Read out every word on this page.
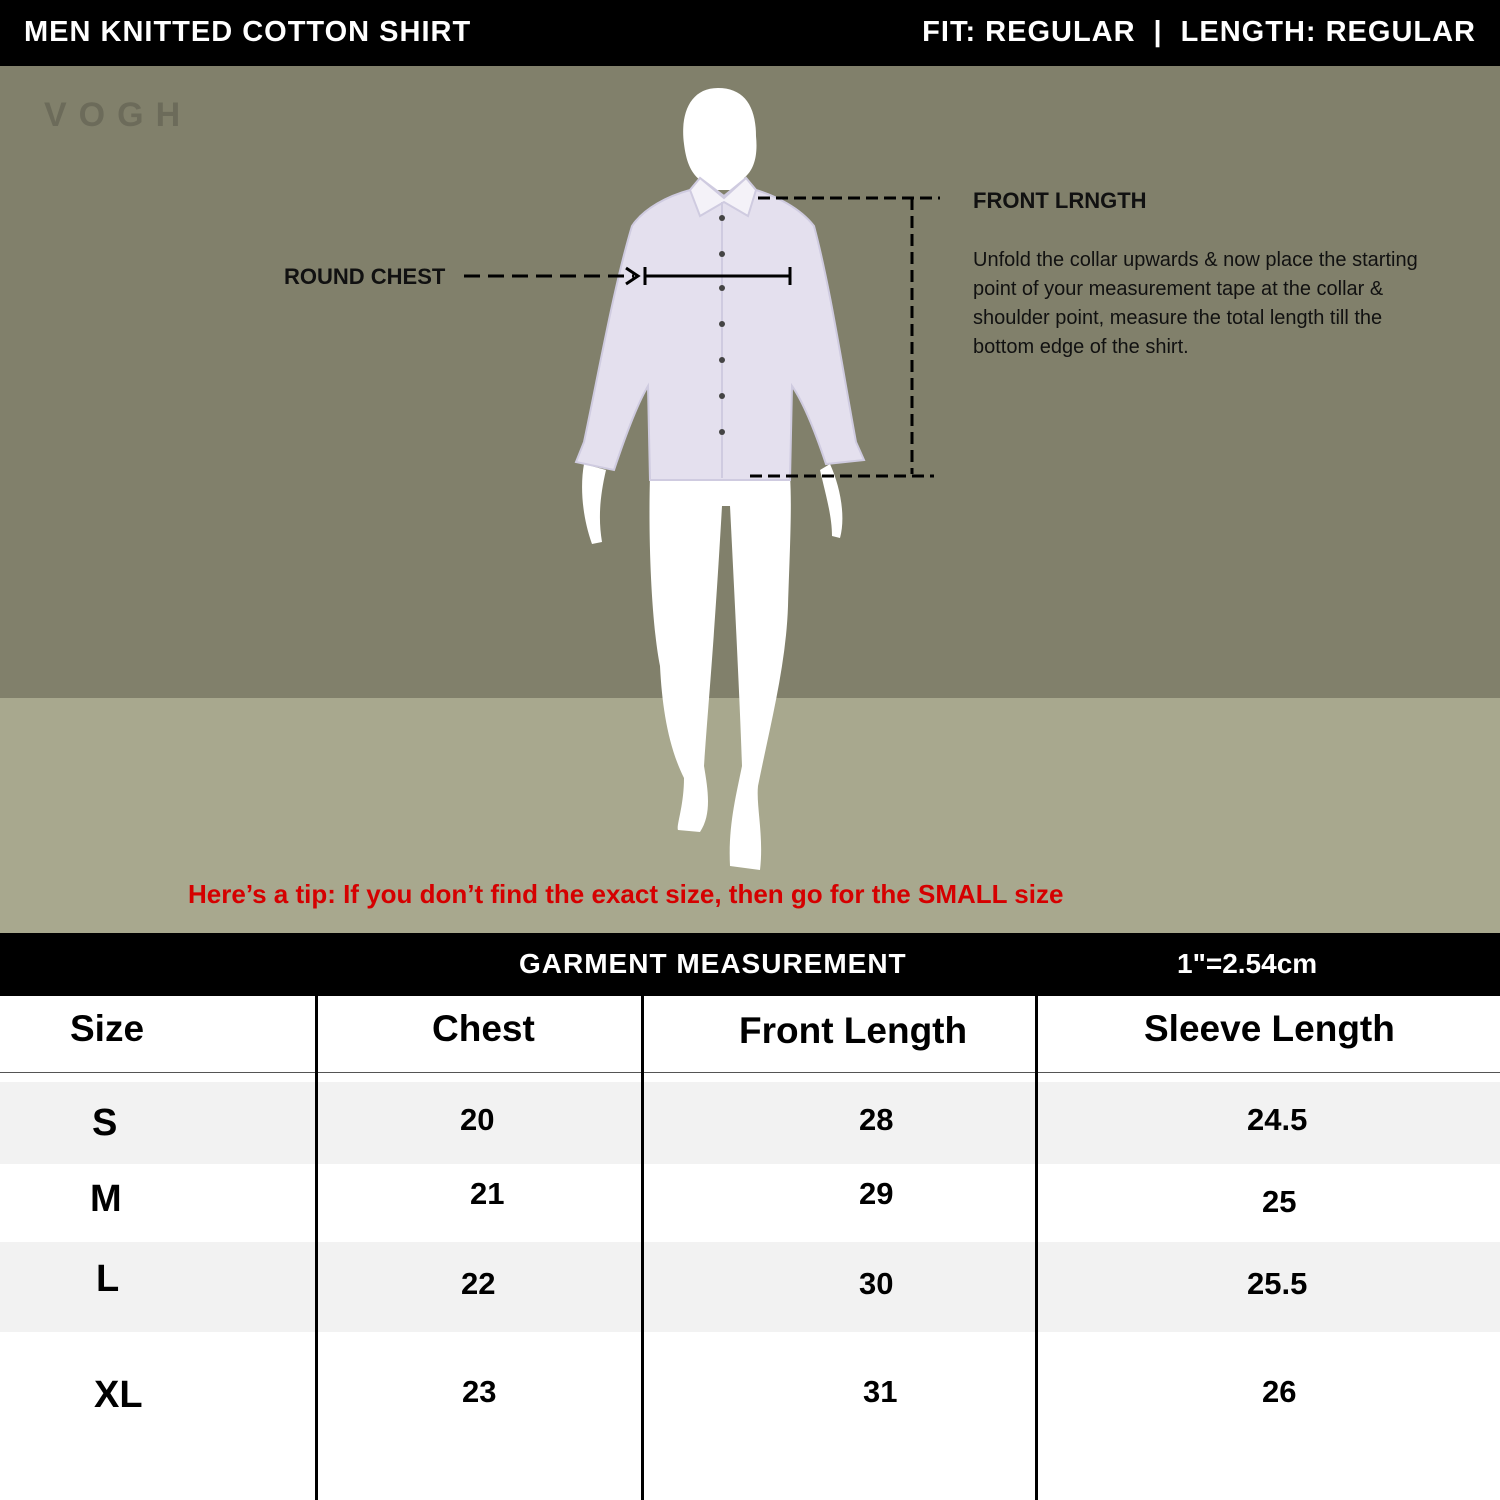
MEN KNITTED COTTON SHIRT	FIT: REGULAR | LENGTH: REGULAR
VOGH
ROUND CHEST
FRONT LRNGTH
Unfold the collar upwards & now place the starting point of your measurement tape at the collar & shoulder point, measure the total length till the bottom edge of the shirt.
Here’s a tip: If you don’t find the exact size, then go for the SMALL size
GARMENT MEASUREMENT	1"=2.54cm
Size	Chest	Front Length	Sleeve Length
S	20	28	24.5
M	21	29	25
L	22	30	25.5
XL	23	31	26
